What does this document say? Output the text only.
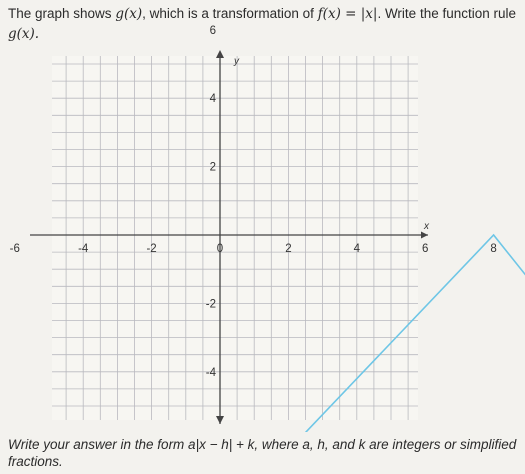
The graph shows g(x), which is a transformation of f(x) = |x|. Write the function rule
g(x).
x
y
-6	-4	-2	0	2	4	6	8
6
4
2
-2
-4
Write your answer in the form a|x − h| + k, where a, h, and k are integers or simplified
fractions.
